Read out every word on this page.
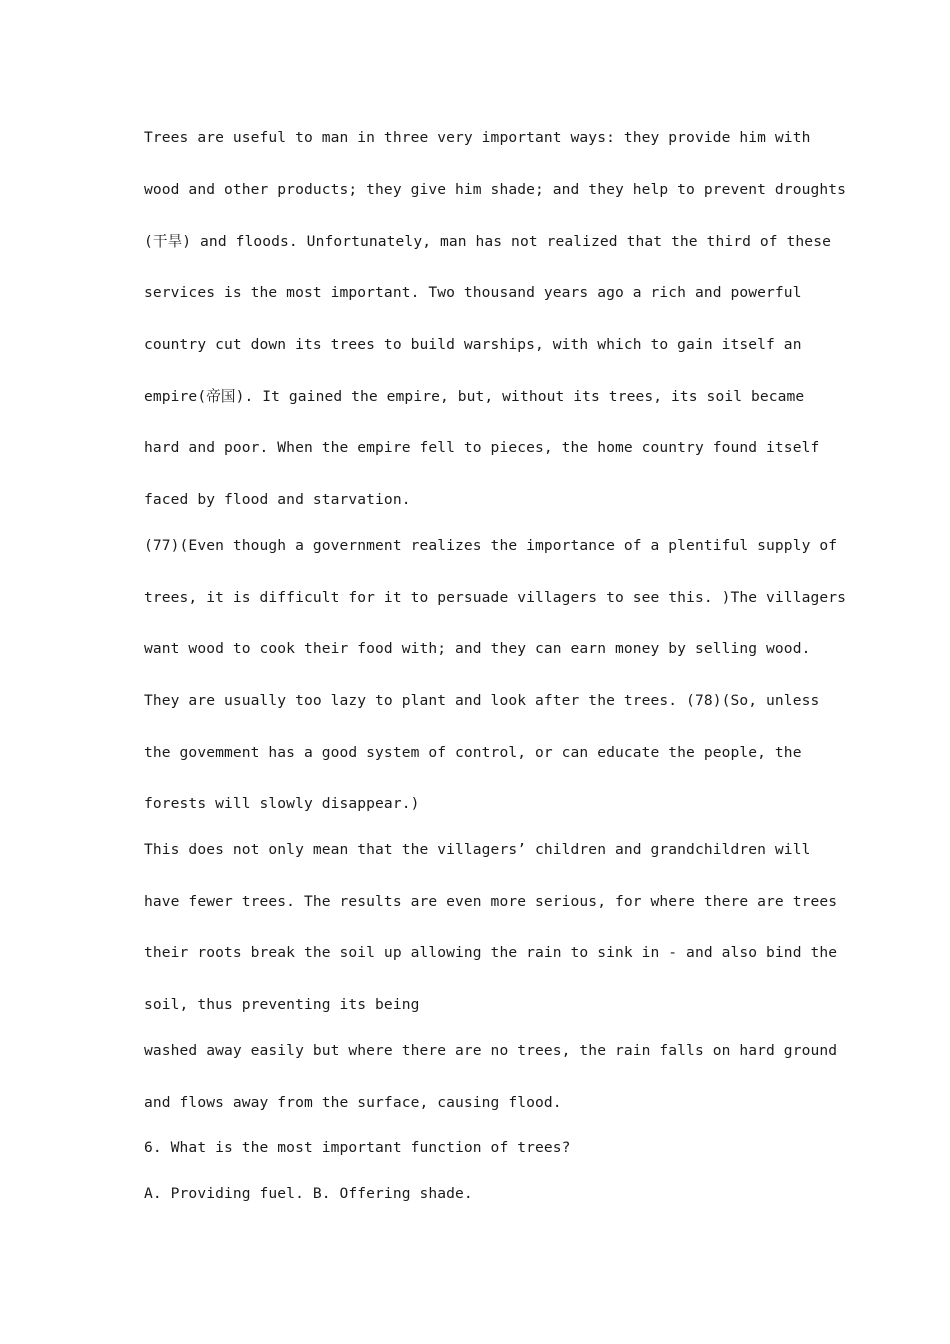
Trees are useful to man in three very important ways: they provide him with
wood and other products; they give him shade; and they help to prevent droughts
(干旱) and floods. Unfortunately, man has not realized that the third of these
services is the most important. Two thousand years ago a rich and powerful
country cut down its trees to build warships, with which to gain itself an
empire(帝国). It gained the empire, but, without its trees, its soil became
hard and poor. When the empire fell to pieces, the home country found itself
faced by flood and starvation.
(77)(Even though a government realizes the importance of a plentiful supply of
trees, it is difficult for it to persuade villagers to see this. )The villagers
want wood to cook their food with; and they can earn money by selling wood.
They are usually too lazy to plant and look after the trees. (78)(So, unless
the govemment has a good system of control, or can educate the people, the
forests will slowly disappear.)
This does not only mean that the villagers’ children and grandchildren will
have fewer trees. The results are even more serious, for where there are trees
their roots break the soil up allowing the rain to sink in - and also bind the
soil, thus preventing its being
washed away easily but where there are no trees, the rain falls on hard ground
and flows away from the surface, causing flood.
6. What is the most important function of trees?
A. Providing fuel. B. Offering shade.
